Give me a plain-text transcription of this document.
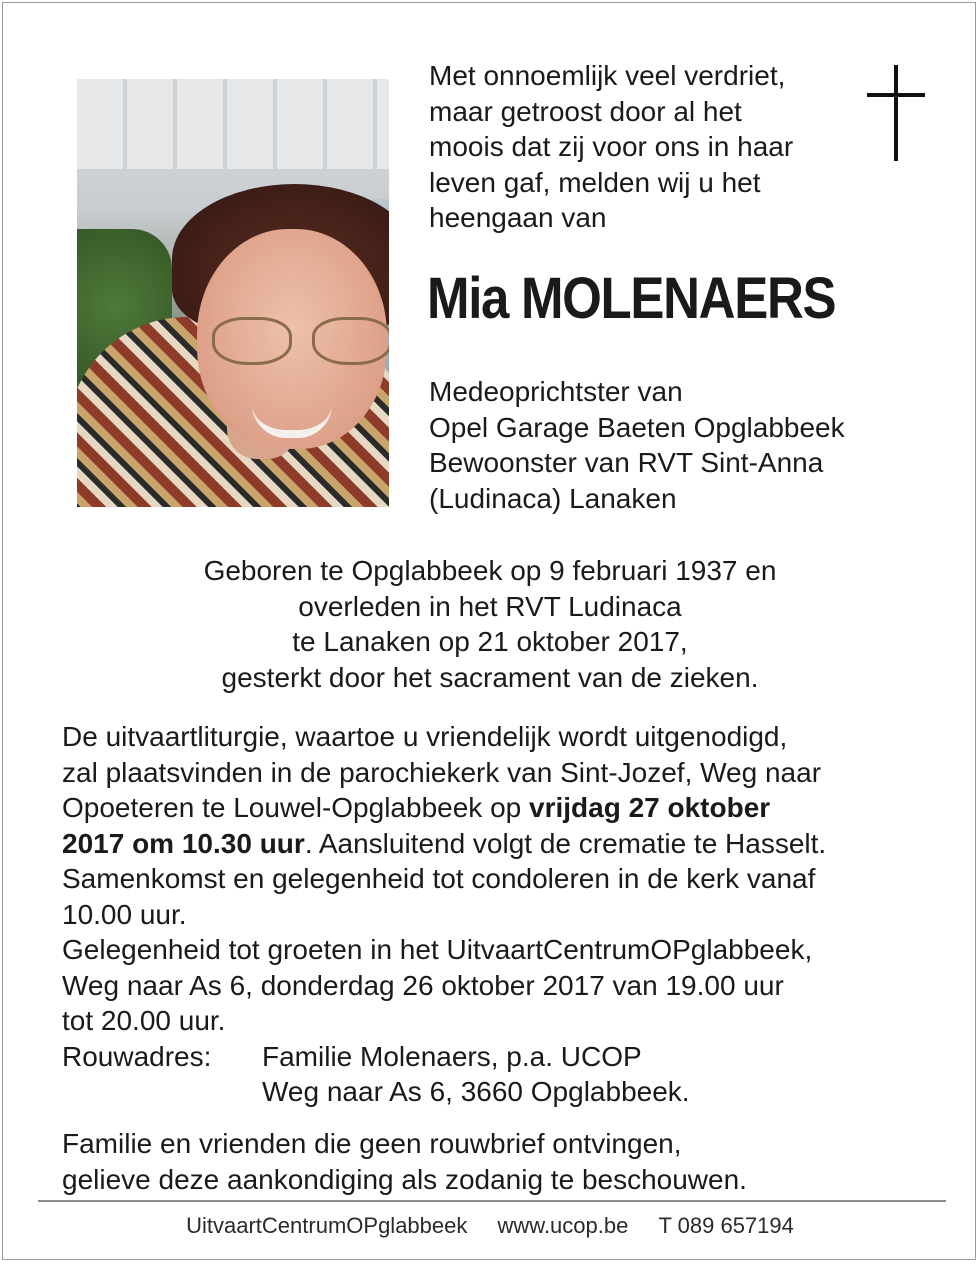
Met onnoemlijk veel verdriet,
maar getroost door al het
moois dat zij voor ons in haar
leven gaf, melden wij u het
heengaan van
Mia MOLENAERS
Medeoprichtster van
Opel Garage Baeten Opglabbeek
Bewoonster van RVT Sint-Anna
(Ludinaca) Lanaken
Geboren te Opglabbeek op 9 februari 1937 en
overleden in het RVT Ludinaca
te Lanaken op 21 oktober 2017,
gesterkt door het sacrament van de zieken.
De uitvaartliturgie, waartoe u vriendelijk wordt uitgenodigd,
zal plaatsvinden in de parochiekerk van Sint-Jozef, Weg naar
Opoeteren te Louwel-Opglabbeek op vrijdag 27 oktober
2017 om 10.30 uur. Aansluitend volgt de crematie te Hasselt.
Samenkomst en gelegenheid tot condoleren in de kerk vanaf
10.00 uur.
Gelegenheid tot groeten in het UitvaartCentrumOPglabbeek,
Weg naar As 6, donderdag 26 oktober 2017 van 19.00 uur
tot 20.00 uur.
Rouwadres:	Familie Molenaers, p.a. UCOP
Weg naar As 6, 3660 Opglabbeek.
Familie en vrienden die geen rouwbrief ontvingen,
gelieve deze aankondiging als zodanig te beschouwen.
UitvaartCentrumOPglabbeek www.ucop.be T 089 657194
